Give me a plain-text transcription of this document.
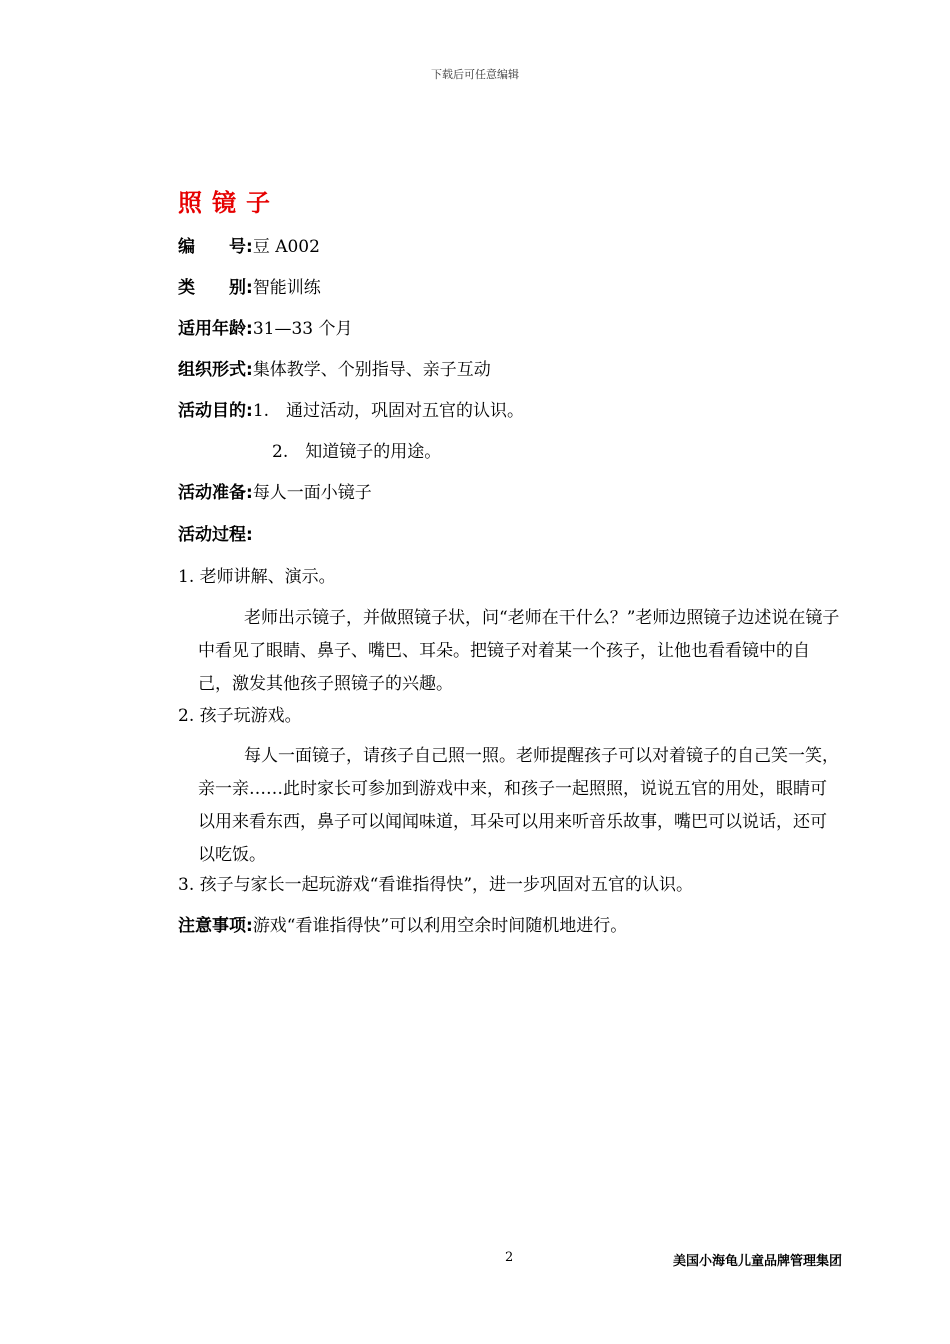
下载后可任意编辑
照镜子
编　　号:豆 A002
类　　别:智能训练
适用年龄:31—33 个月
组织形式:集体教学、个别指导、亲子互动
活动目的:1.　通过活动，巩固对五官的认识。
2.　知道镜子的用途。
活动准备:每人一面小镜子
活动过程:
1. 老师讲解、演示。
老师出示镜子，并做照镜子状，问“老师在干什么？”老师边照镜子边述说在镜子中看见了眼睛、鼻子、嘴巴、耳朵。把镜子对着某一个孩子，让他也看看镜中的自己，激发其他孩子照镜子的兴趣。
2. 孩子玩游戏。
每人一面镜子，请孩子自己照一照。老师提醒孩子可以对着镜子的自己笑一笑，亲一亲……此时家长可参加到游戏中来，和孩子一起照照，说说五官的用处，眼睛可以用来看东西，鼻子可以闻闻味道，耳朵可以用来听音乐故事，嘴巴可以说话，还可以吃饭。
3. 孩子与家长一起玩游戏“看谁指得快”，进一步巩固对五官的认识。
注意事项:游戏“看谁指得快”可以利用空余时间随机地进行。
2	美国小海龟儿童品牌管理集团
